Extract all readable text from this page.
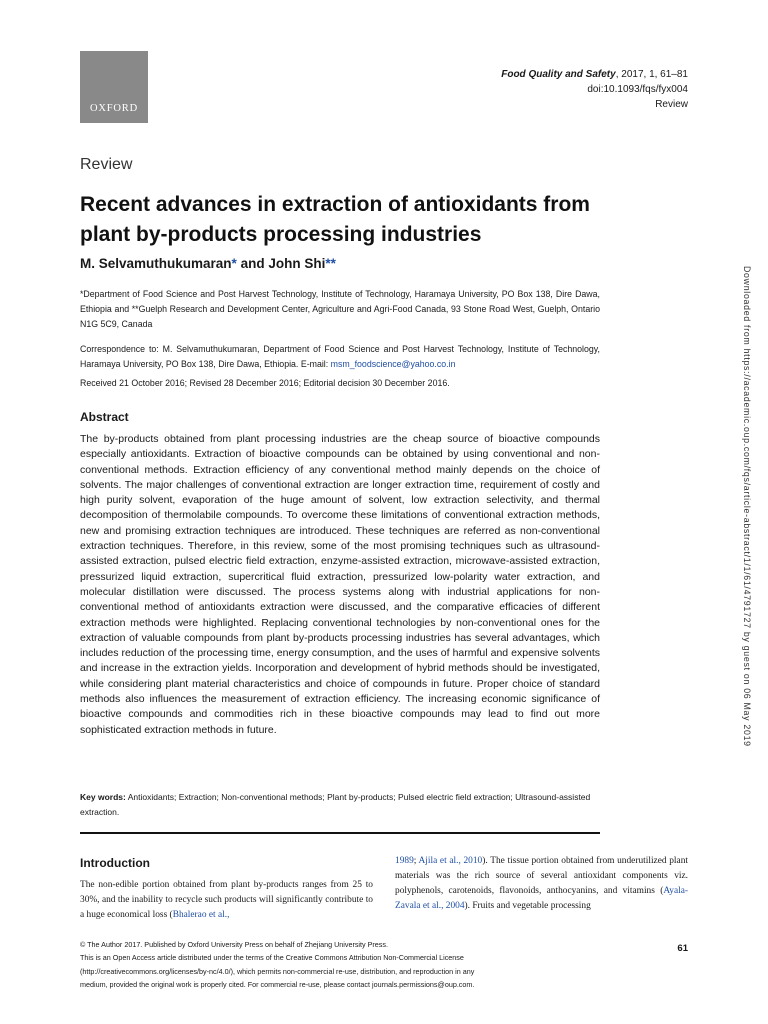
OXFORD
Food Quality and Safety, 2017, 1, 61–81
doi:10.1093/fqs/fyx004
Review
Review
Recent advances in extraction of antioxidants from plant by-products processing industries
M. Selvamuthukumaran* and John Shi**
*Department of Food Science and Post Harvest Technology, Institute of Technology, Haramaya University, PO Box 138, Dire Dawa, Ethiopia and **Guelph Research and Development Center, Agriculture and Agri-Food Canada, 93 Stone Road West, Guelph, Ontario N1G 5C9, Canada
Correspondence to: M. Selvamuthukumaran, Department of Food Science and Post Harvest Technology, Institute of Technology, Haramaya University, PO Box 138, Dire Dawa, Ethiopia. E-mail: msm_foodscience@yahoo.co.in
Received 21 October 2016; Revised 28 December 2016; Editorial decision 30 December 2016.
Abstract
The by-products obtained from plant processing industries are the cheap source of bioactive compounds especially antioxidants. Extraction of bioactive compounds can be obtained by using conventional and non-conventional methods. Extraction efficiency of any conventional method mainly depends on the choice of solvents. The major challenges of conventional extraction are longer extraction time, requirement of costly and high purity solvent, evaporation of the huge amount of solvent, low extraction selectivity, and thermal decomposition of thermolabile compounds. To overcome these limitations of conventional extraction methods, new and promising extraction techniques are introduced. These techniques are referred as non-conventional extraction techniques. Therefore, in this review, some of the most promising techniques such as ultrasound-assisted extraction, pulsed electric field extraction, enzyme-assisted extraction, microwave-assisted extraction, pressurized liquid extraction, supercritical fluid extraction, pressurized low-polarity water extraction, and molecular distillation were discussed. The process systems along with industrial applications for non-conventional method of antioxidants extraction were discussed, and the comparative efficacies of different extraction methods were highlighted. Replacing conventional technologies by non-conventional ones for the extraction of valuable compounds from plant by-products processing industries has several advantages, which includes reduction of the processing time, energy consumption, and the uses of harmful and expensive solvents and increase in the extraction yields. Incorporation and development of hybrid methods should be investigated, while considering plant material characteristics and choice of compounds in future. Proper choice of standard methods also influences the measurement of extraction efficiency. The increasing economic significance of bioactive compounds and commodities rich in these bioactive compounds may lead to find out more sophisticated extraction methods in future.
Key words: Antioxidants; Extraction; Non-conventional methods; Plant by-products; Pulsed electric field extraction; Ultrasound-assisted extraction.
Introduction
The non-edible portion obtained from plant by-products ranges from 25 to 30%, and the inability to recycle such products will significantly contribute to a huge economical loss (Bhalerao et al.,
1989; Ajila et al., 2010). The tissue portion obtained from underutilized plant materials was the rich source of several antioxidant components viz. polyphenols, carotenoids, flavonoids, anthocyanins, and vitamins (Ayala-Zavala et al., 2004). Fruits and vegetable processing
© The Author 2017. Published by Oxford University Press on behalf of Zhejiang University Press.
This is an Open Access article distributed under the terms of the Creative Commons Attribution Non-Commercial License
(http://creativecommons.org/licenses/by-nc/4.0/), which permits non-commercial re-use, distribution, and reproduction in any
medium, provided the original work is properly cited. For commercial re-use, please contact journals.permissions@oup.com.
61
Downloaded from https://academic.oup.com/fqs/article-abstract/1/1/61/4791727 by guest on 06 May 2019
